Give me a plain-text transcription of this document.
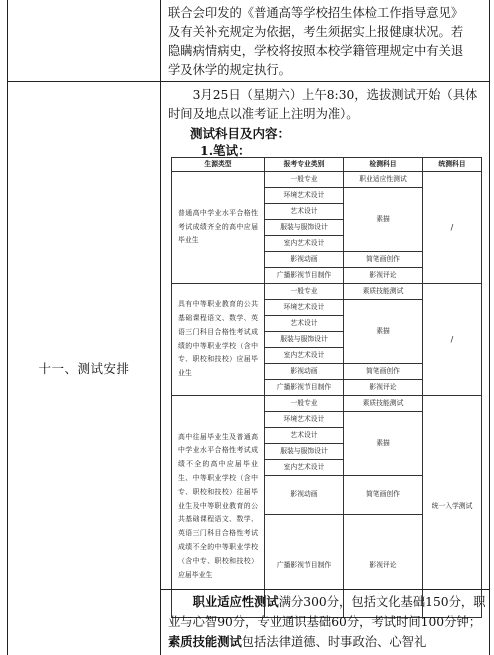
联合会印发的《普通高等学校招生体检工作指导意见》

及有关补充规定为依据，考生须据实上报健康状况。若

隐瞒病情病史，学校将按照本校学籍管理规定中有关退

学及休学的规定执行。

十一、测试安排

3月25日（星期六）上午8:30，选拔测试开始（具体时间及地点以准考证上注明为准）。

测试科目及内容：
1.笔试：
生源类型	报考专业类别	检测科目	统测科目
普通高中学业水平合格性考试成绩齐全的高中应届毕业生	一般专业	职业适应性测试	/
	环境艺术设计	素描	
	艺术设计		
	服装与服饰设计		
	室内艺术设计		
	影视动画	简笔画创作	
	广播影视节目制作	影视评论	
具有中等职业教育的公共基础课程语文、数学、英语三门科目合格性考试成绩的中等职业学校（含中专、职校和技校）应届毕业生	一般专业	素质技能测试	/
	环境艺术设计	素描	
	艺术设计		
	服装与服饰设计		
	室内艺术设计		
	影视动画	简笔画创作	
	广播影视节目制作	影视评论	
高中往届毕业生及普通高中学业水平合格性考试成绩不全的高中应届毕业生、中等职业学校（含中专、职校和技校）往届毕业生及中等职业教育的公共基础课程语文、数学、英语三门科目合格性考试成绩不全的中等职业学校（含中专、职校和技校）应届毕业生	一般专业	素质技能测试	统一入学测试
	环境艺术设计	素描	
	艺术设计		
	服装与服饰设计		
	室内艺术设计		
	影视动画	简笔画创作	
	广播影视节目制作	影视评论	

职业适应性测试满分300分，包括文化基础150分，职业与心智90分，专业通识基础60分，考试时间100分钟；素质技能测试包括法律道德、时事政治、心智礼
